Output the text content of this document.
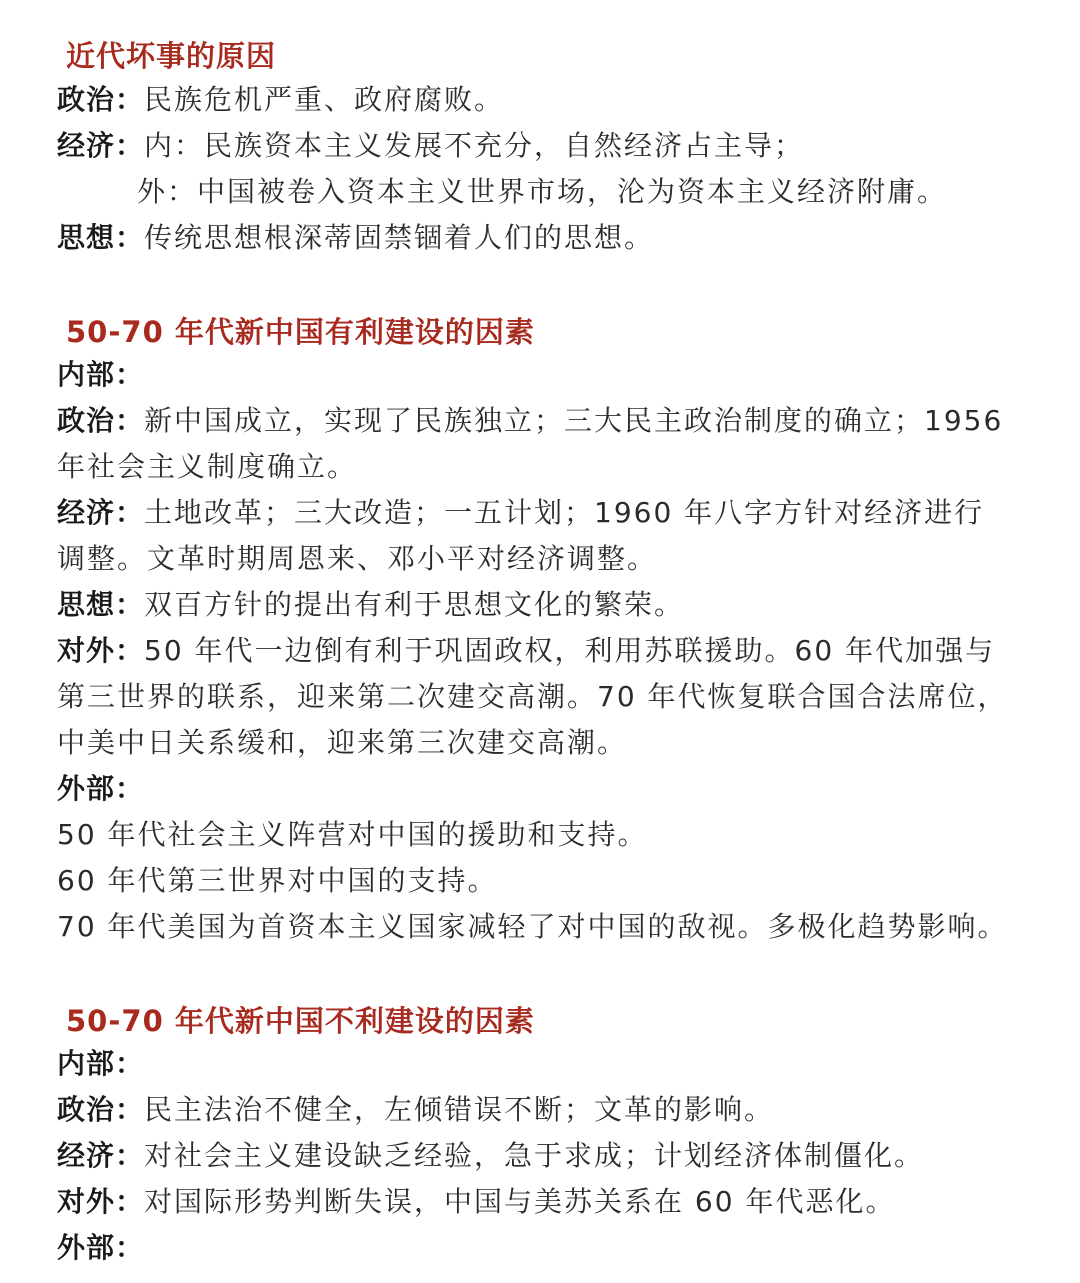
近代坏事的原因
政治：民族危机严重、政府腐败。
经济：内：民族资本主义发展不充分，自然经济占主导；
外：中国被卷入资本主义世界市场，沦为资本主义经济附庸。
思想：传统思想根深蒂固禁锢着人们的思想。
50-70 年代新中国有利建设的因素
内部：
政治：新中国成立，实现了民族独立；三大民主政治制度的确立；1956
年社会主义制度确立。
经济：土地改革；三大改造；一五计划；1960 年八字方针对经济进行
调整。文革时期周恩来、邓小平对经济调整。
思想：双百方针的提出有利于思想文化的繁荣。
对外：50 年代一边倒有利于巩固政权，利用苏联援助。60 年代加强与
第三世界的联系，迎来第二次建交高潮。70 年代恢复联合国合法席位，
中美中日关系缓和，迎来第三次建交高潮。
外部：
50 年代社会主义阵营对中国的援助和支持。
60 年代第三世界对中国的支持。
70 年代美国为首资本主义国家减轻了对中国的敌视。多极化趋势影响。
50-70 年代新中国不利建设的因素
内部：
政治：民主法治不健全，左倾错误不断；文革的影响。
经济：对社会主义建设缺乏经验，急于求成；计划经济体制僵化。
对外：对国际形势判断失误，中国与美苏关系在 60 年代恶化。
外部：
